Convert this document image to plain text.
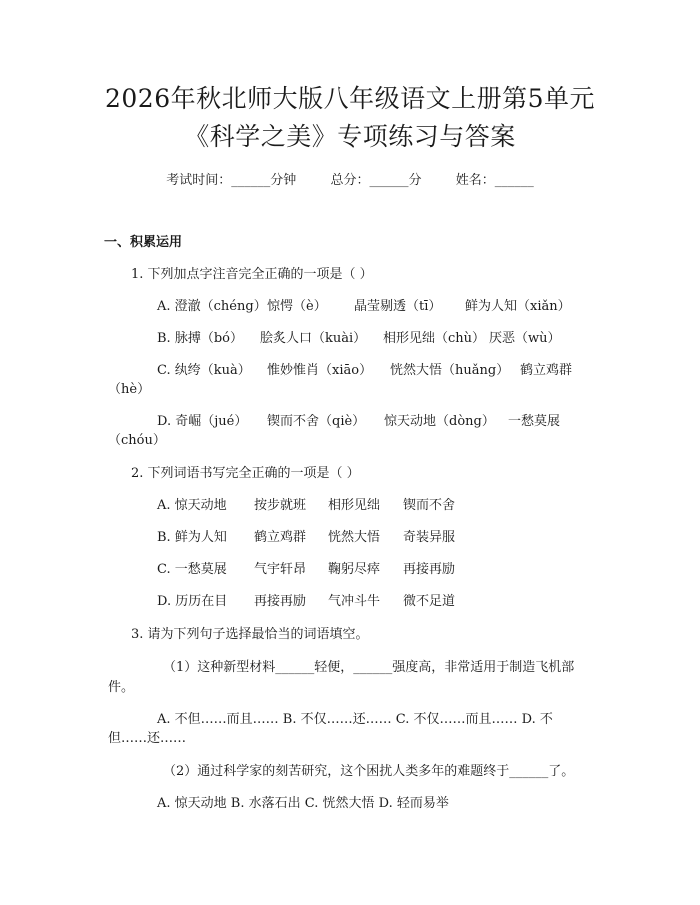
2026年秋北师大版八年级语文上册第5单元
《科学之美》专项练习与答案
考试时间：______分钟	总分：______分	姓名：______
一、积累运用
1. 下列加点字注音完全正确的一项是（ ）
A. 澄澈（chéng）惊愕（è） 晶莹剔透（tī） 鲜为人知（xiǎn）
B. 脉搏（bó） 脍炙人口（kuài） 相形见绌（chù） 厌恶（wù）
C. 纨绔（kuà） 惟妙惟肖（xiāo） 恍然大悟（huǎng） 鹤立鸡群
（hè）
D. 奇崛（jué） 锲而不舍（qiè） 惊天动地（dòng） 一愁莫展
（chóu）
2. 下列词语书写完全正确的一项是（ ）
A. 惊天动地 按步就班 相形见绌 锲而不舍
B. 鲜为人知 鹤立鸡群 恍然大悟 奇装异服
C. 一愁莫展 气宇轩昂 鞠躬尽瘁 再接再励
D. 历历在目 再接再励 气冲斗牛 微不足道
3. 请为下列句子选择最恰当的词语填空。
（1）这种新型材料______轻便，______强度高，非常适用于制造飞机部
件。
A. 不但……而且…… B. 不仅……还…… C. 不仅……而且…… D. 不
但……还……
（2）通过科学家的刻苦研究，这个困扰人类多年的难题终于______了。
A. 惊天动地 B. 水落石出 C. 恍然大悟 D. 轻而易举
